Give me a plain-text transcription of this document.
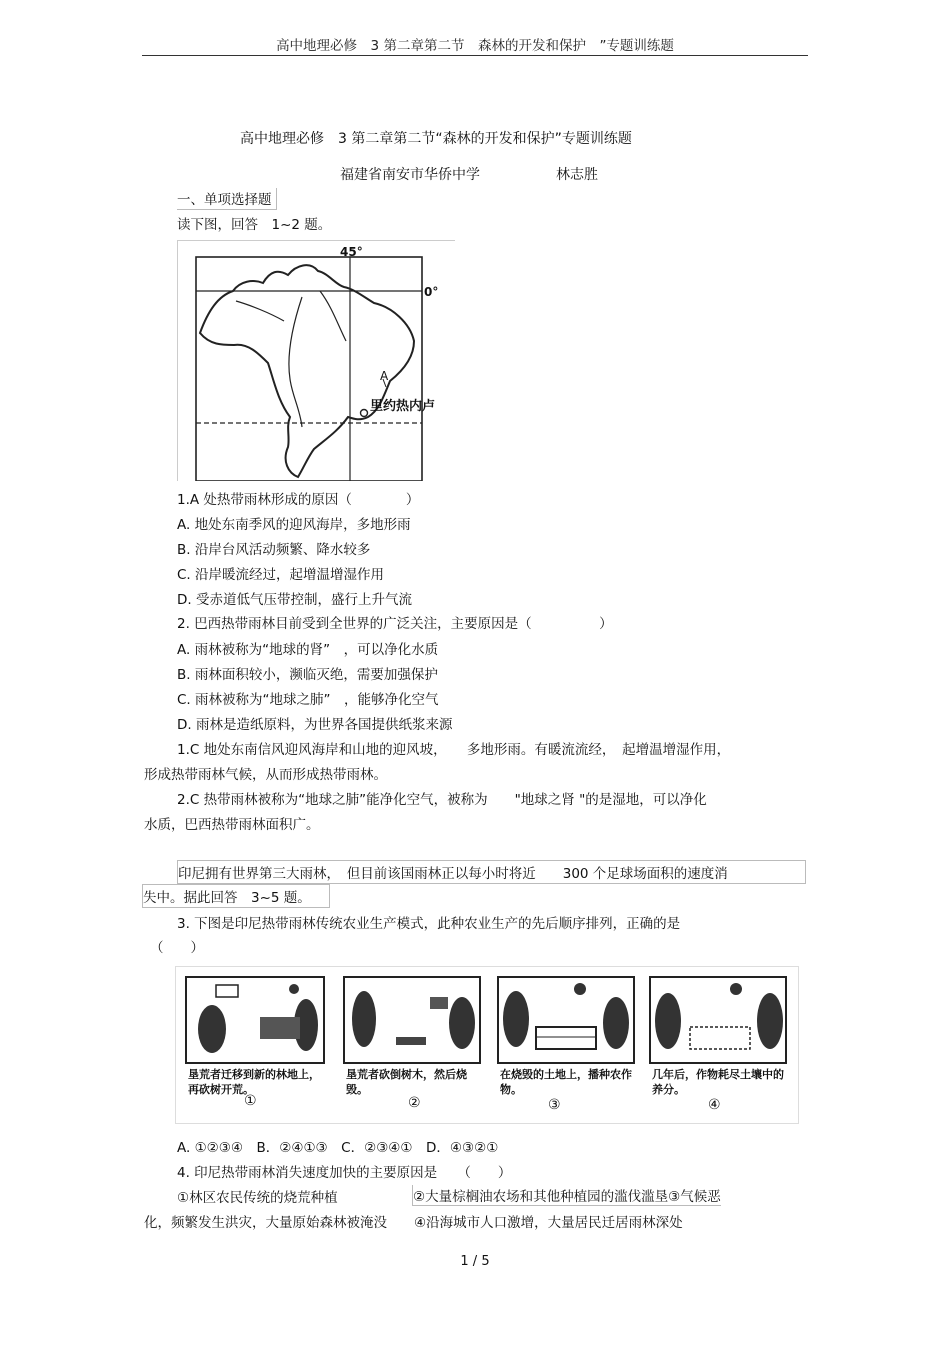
高中地理必修　3 第二章第二节　森林的开发和保护　”专题训练题
高中地理必修　3 第二章第二节“森林的开发和保护”专题训练题
福建省南安市华侨中学	林志胜
一、单项选择题
读下图，回答　1~2 题。
45°
0°
A
里约热内卢
1.A 处热带雨林形成的原因（　　　　）
A. 地处东南季风的迎风海岸，多地形雨
B. 沿岸台风活动频繁、降水较多
C. 沿岸暖流经过，起增温增湿作用
D. 受赤道低气压带控制，盛行上升气流
2. 巴西热带雨林目前受到全世界的广泛关注，主要原因是（　　　　　）
A. 雨林被称为“地球的肾”　，可以净化水质
B. 雨林面积较小，濒临灭绝，需要加强保护
C. 雨林被称为“地球之肺”　，能够净化空气
D. 雨林是造纸原料，为世界各国提供纸浆来源
1.C 地处东南信风迎风海岸和山地的迎风坡，　　多地形雨。有暖流流经，　起增温增湿作用，
形成热带雨林气候，从而形成热带雨林。
2.C 热带雨林被称为“地球之肺”能净化空气，被称为　　"地球之肾 "的是湿地，可以净化
水质，巴西热带雨林面积广。
印尼拥有世界第三大雨林，　但目前该国雨林正以每小时将近　　300 个足球场面积的速度消
失中。据此回答　3~5 题。
3. 下图是印尼热带雨林传统农业生产模式，此种农业生产的先后顺序排列，正确的是
（　　）
垦荒者迁移到新的林地上，再砍树开荒。
①
垦荒者砍倒树木，然后烧毁。
②
在烧毁的土地上，播种农作物。
③
几年后，作物耗尽土壤中的养分。
④
A. ①②③④　B．②④①③　C．②③④①　D．④③②①
4. 印尼热带雨林消失速度加快的主要原因是　　（　　）
①林区农民传统的烧荒种植	②大量棕榈油农场和其他种植园的滥伐滥垦③气候恶
化，频繁发生洪灾，大量原始森林被淹没　　④沿海城市人口激增，大量居民迁居雨林深处
1 / 5
